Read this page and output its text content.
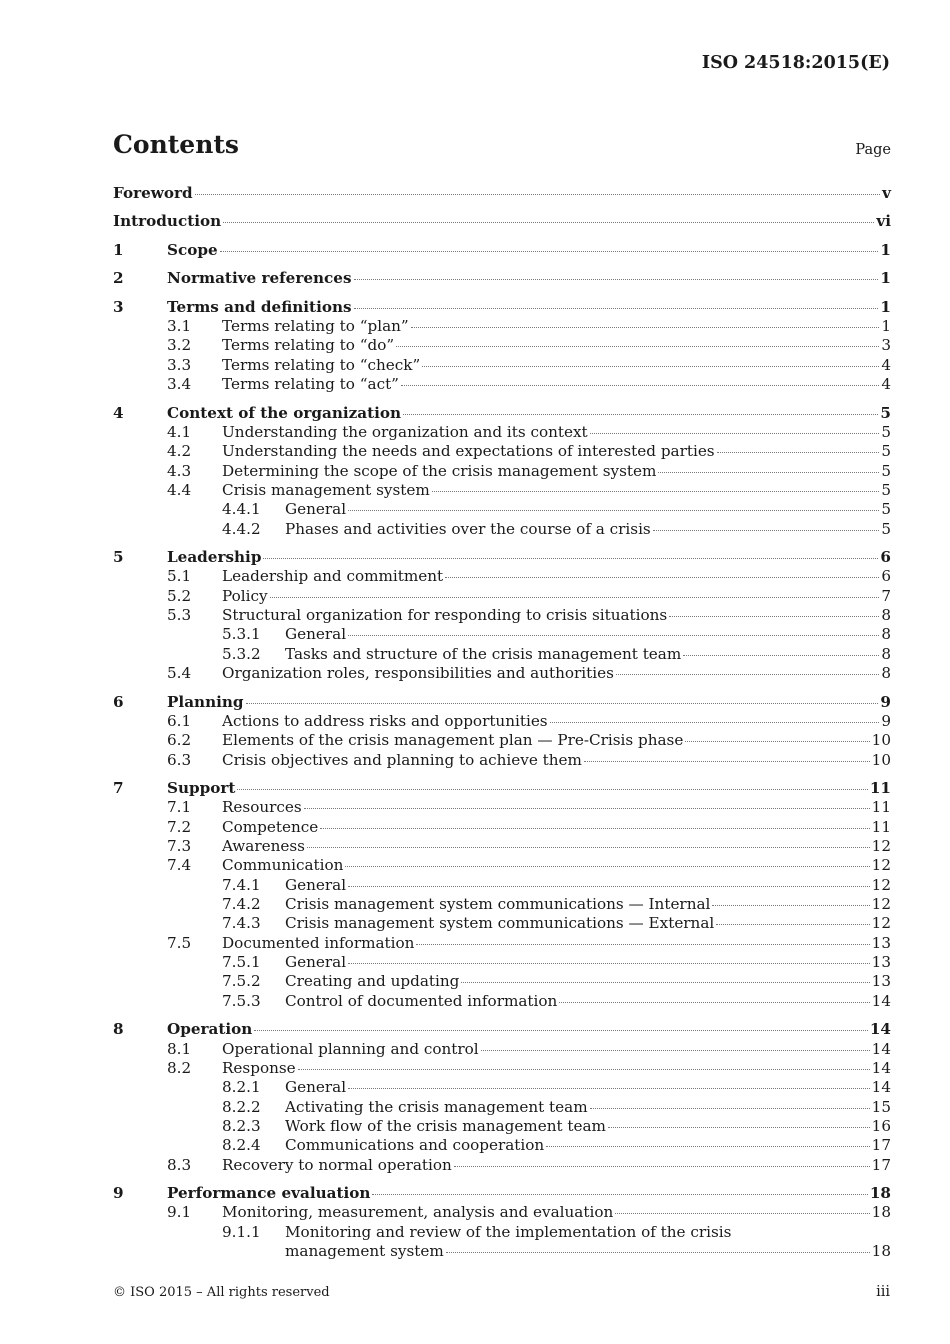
ISO 24518:2015(E)
Contents	Page
Foreword	v
Introduction	vi
1	Scope	1
2	Normative references	1
3	Terms and definitions	1
3.1	Terms relating to “plan”	1
3.2	Terms relating to “do”	3
3.3	Terms relating to “check”	4
3.4	Terms relating to “act”	4
4	Context of the organization	5
4.1	Understanding the organization and its context	5
4.2	Understanding the needs and expectations of interested parties	5
4.3	Determining the scope of the crisis management system	5
4.4	Crisis management system	5
4.4.1	General	5
4.4.2	Phases and activities over the course of a crisis	5
5	Leadership	6
5.1	Leadership and commitment	6
5.2	Policy	7
5.3	Structural organization for responding to crisis situations	8
5.3.1	General	8
5.3.2	Tasks and structure of the crisis management team	8
5.4	Organization roles, responsibilities and authorities	8
6	Planning	9
6.1	Actions to address risks and opportunities	9
6.2	Elements of the crisis management plan — Pre-Crisis phase	10
6.3	Crisis objectives and planning to achieve them	10
7	Support	11
7.1	Resources	11
7.2	Competence	11
7.3	Awareness	12
7.4	Communication	12
7.4.1	General	12
7.4.2	Crisis management system communications — Internal	12
7.4.3	Crisis management system communications — External	12
7.5	Documented information	13
7.5.1	General	13
7.5.2	Creating and updating	13
7.5.3	Control of documented information	14
8	Operation	14
8.1	Operational planning and control	14
8.2	Response	14
8.2.1	General	14
8.2.2	Activating the crisis management team	15
8.2.3	Work flow of the crisis management team	16
8.2.4	Communications and cooperation	17
8.3	Recovery to normal operation	17
9	Performance evaluation	18
9.1	Monitoring, measurement, analysis and evaluation	18
9.1.1	Monitoring and review of the implementation of the crisis
management system	18
© ISO 2015 – All rights reserved	iii
